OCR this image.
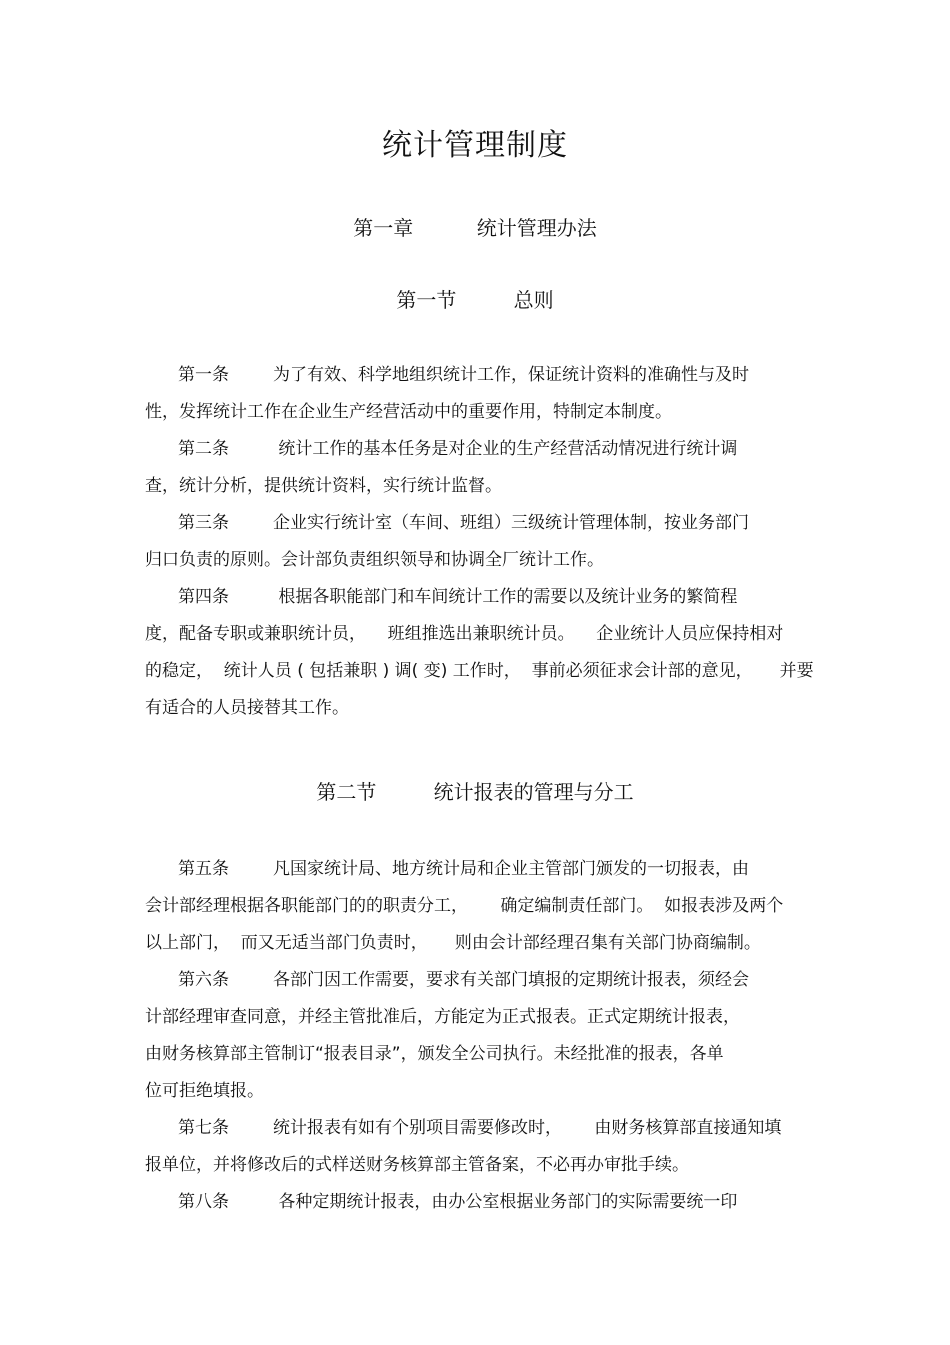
统计管理制度
第一章	统计管理办法
第一节	总则
第一条	为了有效、科学地组织统计工作，保证统计资料的准确性与及时
性，发挥统计工作在企业生产经营活动中的重要作用，特制定本制度。
第二条	统计工作的基本任务是对企业的生产经营活动情况进行统计调
查，统计分析，提供统计资料，实行统计监督。
第三条	企业实行统计室（车间、班组）三级统计管理体制，按业务部门
归口负责的原则。会计部负责组织领导和协调全厂统计工作。
第四条	根据各职能部门和车间统计工作的需要以及统计业务的繁简程
度，配备专职或兼职统计员，    班组推选出兼职统计员。    企业统计人员应保持相对
的稳定，  统计人员 ( 包括兼职 ) 调( 变) 工作时，  事前必须征求会计部的意见，     并要
有适合的人员接替其工作。
第二节	统计报表的管理与分工
第五条	凡国家统计局、地方统计局和企业主管部门颁发的一切报表，由
会计部经理根据各职能部门的的职责分工，      确定编制责任部门。  如报表涉及两个
以上部门，  而又无适当部门负责时，     则由会计部经理召集有关部门协商编制。
第六条	各部门因工作需要，要求有关部门填报的定期统计报表，须经会
计部经理审查同意，并经主管批准后，方能定为正式报表。正式定期统计报表，
由财务核算部主管制订“报表目录”，颁发全公司执行。未经批准的报表，各单
位可拒绝填报。
第七条	统计报表有如有个别项目需要修改时，      由财务核算部直接通知填
报单位，并将修改后的式样送财务核算部主管备案，不必再办审批手续。
第八条	各种定期统计报表，由办公室根据业务部门的实际需要统一印
